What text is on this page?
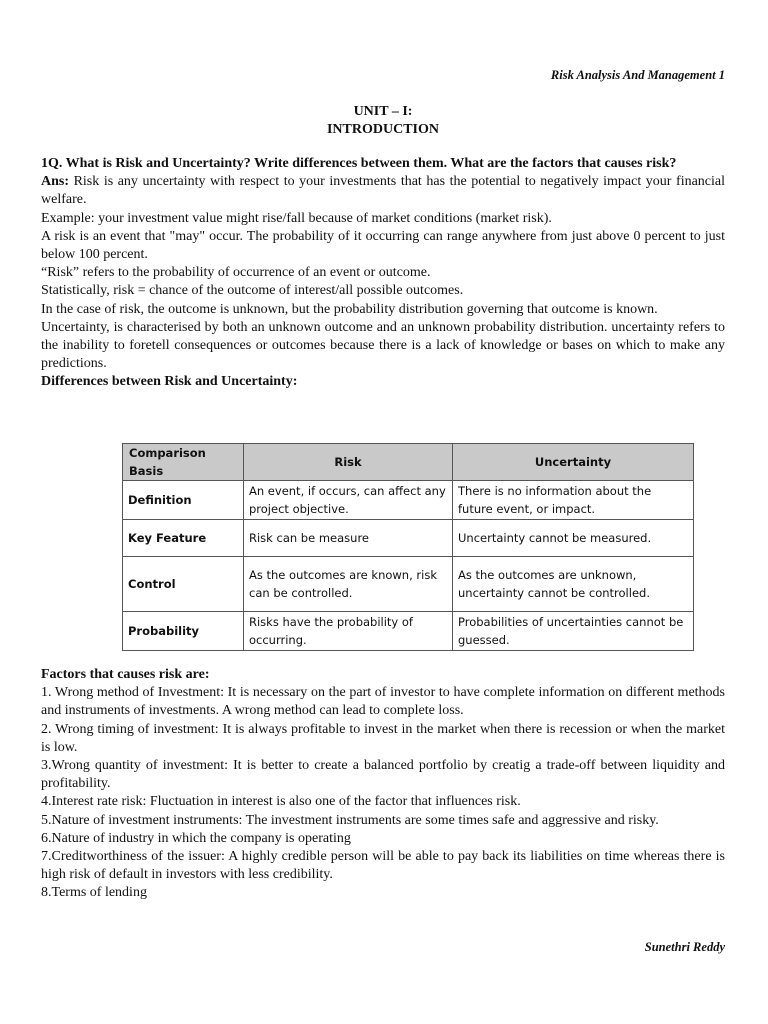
Risk Analysis And Management 1
UNIT – I:
INTRODUCTION

1Q. What is Risk and Uncertainty? Write differences between them. What are the factors that causes risk?

Ans: Risk is any uncertainty with respect to your investments that has the potential to negatively impact your financial welfare.

Example: your investment value might rise/fall because of market conditions (market risk).

A risk is an event that "may" occur. The probability of it occurring can range anywhere from just above 0 percent to just below 100 percent.

“Risk” refers to the probability of occurrence of an event or outcome.

Statistically, risk = chance of the outcome of interest/all possible outcomes.

In the case of risk, the outcome is unknown, but the probability distribution governing that outcome is known.

Uncertainty, is characterised by both an unknown outcome and an unknown probability distribution. uncertainty refers to the inability to foretell consequences or outcomes because there is a lack of knowledge or bases on which to make any predictions.

Differences between Risk and Uncertainty:

Comparison Basis	Risk	Uncertainty
Definition	An event, if occurs, can affect any project objective.	There is no information about the future event, or impact.
Key Feature	Risk can be measure	Uncertainty cannot be measured.
Control	As the outcomes are known, risk can be controlled.	As the outcomes are unknown, uncertainty cannot be controlled.
Probability	Risks have the probability of occurring.	Probabilities of uncertainties cannot be guessed.

Factors that causes risk are:

1. Wrong method of Investment: It is necessary on the part of investor to have complete information on different methods and instruments of investments. A wrong method can lead to complete loss.

2. Wrong timing of investment: It is always profitable to invest in the market when there is recession or when the market is low.

3.Wrong quantity of investment: It is better to create a balanced portfolio by creatig a trade-off between liquidity and profitability.

4.Interest rate risk: Fluctuation in interest is also one of the factor that influences risk.

5.Nature of investment instruments: The investment instruments are some times safe and aggressive and risky.

6.Nature of industry in which the company is operating

7.Creditworthiness of the issuer: A highly credible person will be able to pay back its liabilities on time whereas there is high risk of default in investors with less credibility.

8.Terms of lending

Sunethri Reddy
